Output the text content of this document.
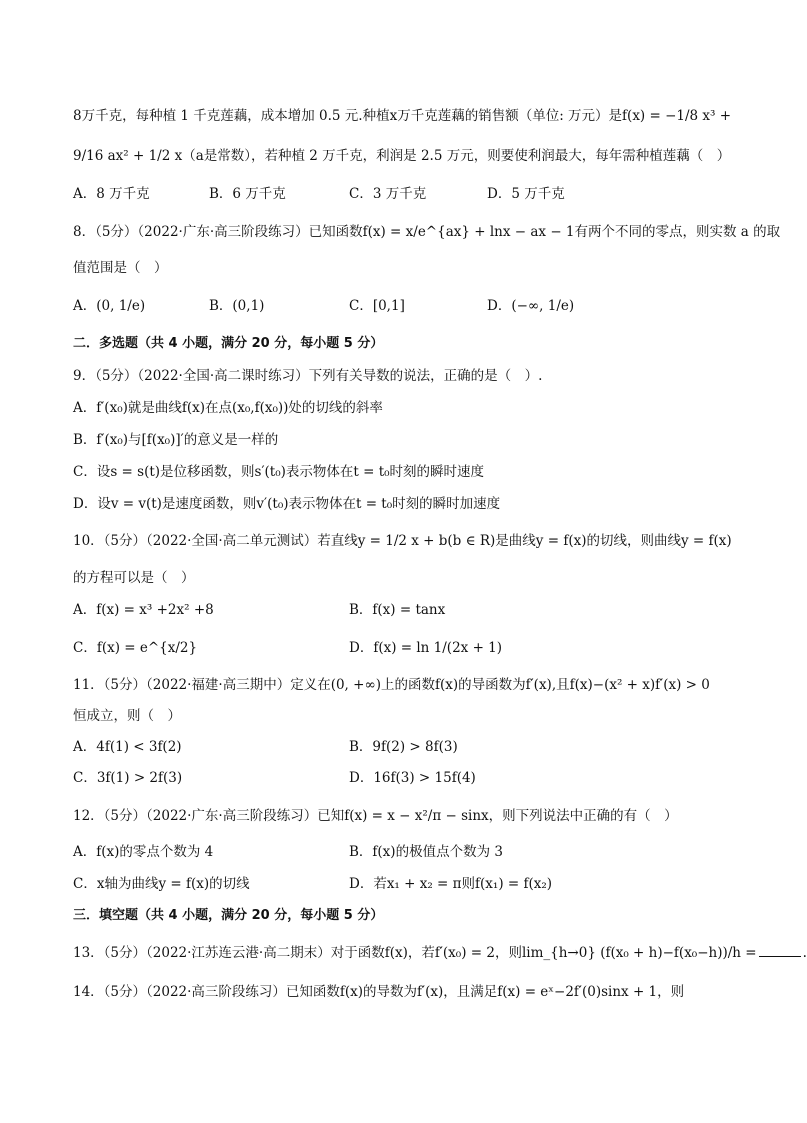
8万千克，每种植 1 千克莲藕，成本增加 0.5 元.种植x万千克莲藕的销售额（单位: 万元）是f(x) = −1/8 x³ +
9/16 ax² + 1/2 x（a是常数），若种植 2 万千克，利润是 2.5 万元，则要使利润最大，每年需种植莲藕（　）
A．8 万千克	B．6 万千克	C．3 万千克	D．5 万千克
8．（5分）（2022·广东·高三阶段练习）已知函数f(x) = x/e^{ax} + lnx − ax − 1有两个不同的零点，则实数 a 的取
值范围是（　）
A．(0, 1/e)	B．(0,1)	C．[0,1]	D．(−∞, 1/e)
二．多选题（共 4 小题，满分 20 分，每小题 5 分）
9．（5分）（2022·全国·高二课时练习）下列有关导数的说法，正确的是（　）.
A．f′(x₀)就是曲线f(x)在点(x₀,f(x₀))处的切线的斜率
B．f′(x₀)与[f(x₀)]′的意义是一样的
C．设s = s(t)是位移函数，则s′(t₀)表示物体在t = t₀时刻的瞬时速度
D．设v = v(t)是速度函数，则v′(t₀)表示物体在t = t₀时刻的瞬时加速度
10．（5分）（2022·全国·高二单元测试）若直线y = 1/2 x + b(b ∈ R)是曲线y = f(x)的切线，则曲线y = f(x)
的方程可以是（　）
A．f(x) = x³ +2x² +8	B．f(x) = tanx
C．f(x) = e^{x/2}	D．f(x) = ln 1/(2x + 1)
11．（5分）（2022·福建·高三期中）定义在(0, +∞)上的函数f(x)的导函数为f′(x),且f(x)−(x² + x)f′(x) > 0
恒成立，则（　）
A．4f(1) < 3f(2)	B．9f(2) > 8f(3)
C．3f(1) > 2f(3)	D．16f(3) > 15f(4)
12．（5分）（2022·广东·高三阶段练习）已知f(x) = x − x²/π − sinx，则下列说法中正确的有（　）
A．f(x)的零点个数为 4	B．f(x)的极值点个数为 3
C．x轴为曲线y = f(x)的切线	D．若x₁ + x₂ = π则f(x₁) = f(x₂)
三．填空题（共 4 小题，满分 20 分，每小题 5 分）
13．（5分）（2022·江苏连云港·高二期末）对于函数f(x)，若f′(x₀) = 2，则lim_{h→0} (f(x₀ + h)−f(x₀−h))/h =	.
14．（5分）（2022·高三阶段练习）已知函数f(x)的导数为f′(x)，且满足f(x) = eˣ−2f′(0)sinx + 1，则
